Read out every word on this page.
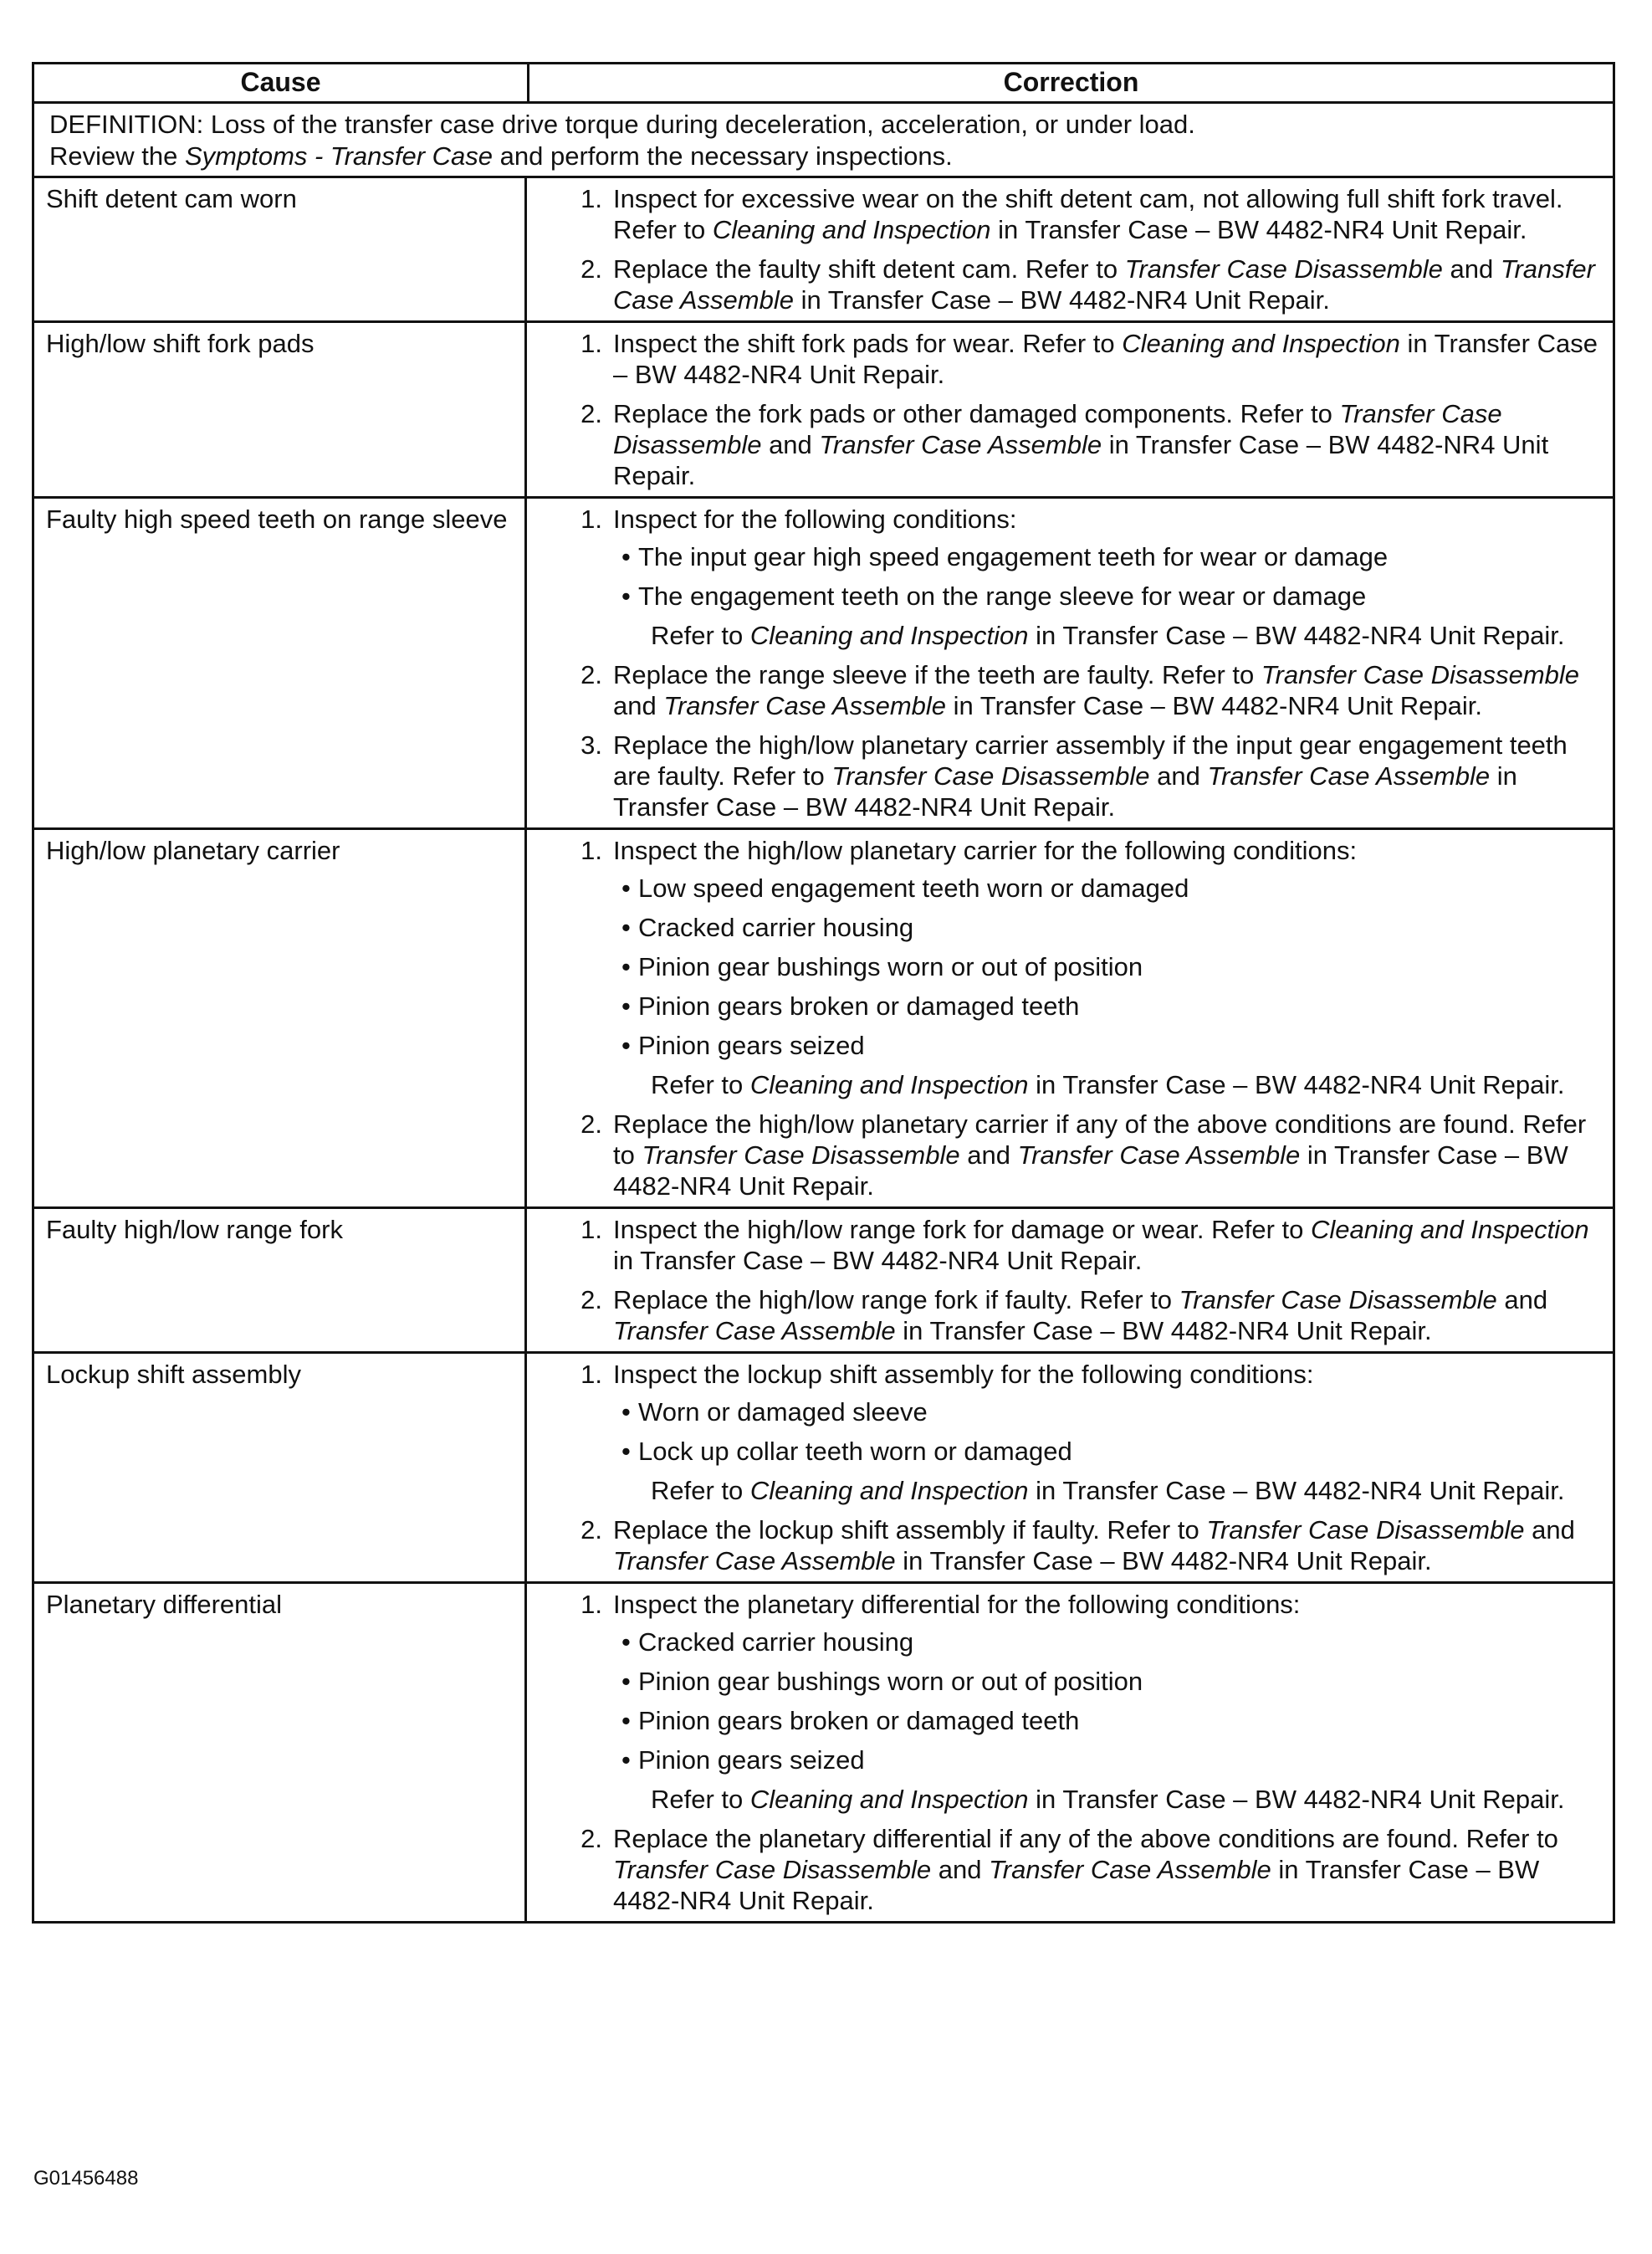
Cause	Correction

DEFINITION: Loss of the transfer case drive torque during deceleration, acceleration, or under load.

Review the Symptoms - Transfer Case and perform the necessary inspections.

Shift detent cam worn	1. Inspect for excessive wear on the shift detent cam, not allowing full shift fork travel. Refer to Cleaning and Inspection in Transfer Case – BW 4482-NR4 Unit Repair.
2. Replace the faulty shift detent cam. Refer to Transfer Case Disassemble and Transfer Case Assemble in Transfer Case – BW 4482-NR4 Unit Repair.
High/low shift fork pads	1. Inspect the shift fork pads for wear. Refer to Cleaning and Inspection in Transfer Case – BW 4482-NR4 Unit Repair.
2. Replace the fork pads or other damaged components. Refer to Transfer Case Disassemble and Transfer Case Assemble in Transfer Case – BW 4482-NR4 Unit Repair.
Faulty high speed teeth on range sleeve	1. Inspect for the following conditions:
• The input gear high speed engagement teeth for wear or damage
• The engagement teeth on the range sleeve for wear or damage
Refer to Cleaning and Inspection in Transfer Case – BW 4482-NR4 Unit Repair.
2. Replace the range sleeve if the teeth are faulty. Refer to Transfer Case Disassemble and Transfer Case Assemble in Transfer Case – BW 4482-NR4 Unit Repair.
3. Replace the high/low planetary carrier assembly if the input gear engagement teeth are faulty. Refer to Transfer Case Disassemble and Transfer Case Assemble in Transfer Case – BW 4482-NR4 Unit Repair.
High/low planetary carrier	1. Inspect the high/low planetary carrier for the following conditions:
• Low speed engagement teeth worn or damaged
• Cracked carrier housing
• Pinion gear bushings worn or out of position
• Pinion gears broken or damaged teeth
• Pinion gears seized
Refer to Cleaning and Inspection in Transfer Case – BW 4482-NR4 Unit Repair.
2. Replace the high/low planetary carrier if any of the above conditions are found. Refer to Transfer Case Disassemble and Transfer Case Assemble in Transfer Case – BW 4482-NR4 Unit Repair.
Faulty high/low range fork	1. Inspect the high/low range fork for damage or wear. Refer to Cleaning and Inspection in Transfer Case – BW 4482-NR4 Unit Repair.
2. Replace the high/low range fork if faulty. Refer to Transfer Case Disassemble and Transfer Case Assemble in Transfer Case – BW 4482-NR4 Unit Repair.
Lockup shift assembly	1. Inspect the lockup shift assembly for the following conditions:
• Worn or damaged sleeve
• Lock up collar teeth worn or damaged
Refer to Cleaning and Inspection in Transfer Case – BW 4482-NR4 Unit Repair.
2. Replace the lockup shift assembly if faulty. Refer to Transfer Case Disassemble and Transfer Case Assemble in Transfer Case – BW 4482-NR4 Unit Repair.
Planetary differential	1. Inspect the planetary differential for the following conditions:
• Cracked carrier housing
• Pinion gear bushings worn or out of position
• Pinion gears broken or damaged teeth
• Pinion gears seized
Refer to Cleaning and Inspection in Transfer Case – BW 4482-NR4 Unit Repair.
2. Replace the planetary differential if any of the above conditions are found. Refer to Transfer Case Disassemble and Transfer Case Assemble in Transfer Case – BW 4482-NR4 Unit Repair.
G01456488
